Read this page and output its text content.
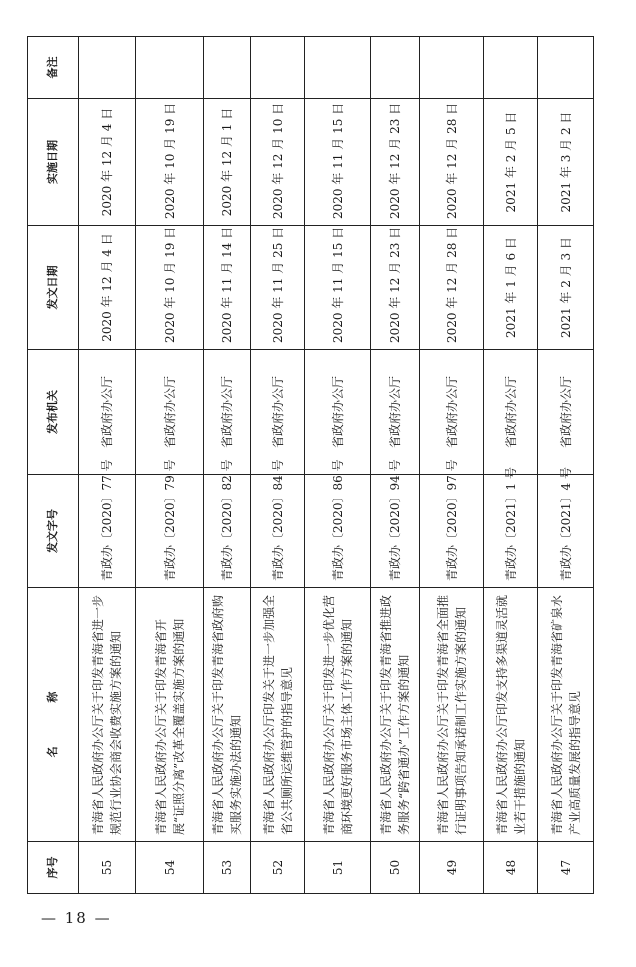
序号	名 称	发文字号	发布机关	发文日期	实施日期	备注
55	青海省人民政府办公厅关于印发青海省进一步规范行业协会商会收费实施方案的通知	青政办〔2020〕77 号	省政府办公厅	2020 年 12 月 4 日	2020 年 12 月 4 日	
54	青海省人民政府办公厅关于印发青海省开展“证照分离”改革全覆盖实施方案的通知	青政办〔2020〕79 号	省政府办公厅	2020 年 10 月 19 日	2020 年 10 月 19 日	
53	青海省人民政府办公厅关于印发青海省政府购买服务实施办法的通知	青政办〔2020〕82 号	省政府办公厅	2020 年 11 月 14 日	2020 年 12 月 1 日	
52	青海省人民政府办公厅印发关于进一步加强全省公共厕所运维管护的指导意见	青政办〔2020〕84 号	省政府办公厅	2020 年 11 月 25 日	2020 年 12 月 10 日	
51	青海省人民政府办公厅关于印发进一步优化营商环境更好服务市场主体工作方案的通知	青政办〔2020〕86 号	省政府办公厅	2020 年 11 月 15 日	2020 年 11 月 15 日	
50	青海省人民政府办公厅关于印发青海省推进政务服务“跨省通办”工作方案的通知	青政办〔2020〕94 号	省政府办公厅	2020 年 12 月 23 日	2020 年 12 月 23 日	
49	青海省人民政府办公厅关于印发青海省全面推行证明事项告知承诺制工作实施方案的通知	青政办〔2020〕97 号	省政府办公厅	2020 年 12 月 28 日	2020 年 12 月 28 日	
48	青海省人民政府办公厅印发支持多渠道灵活就业若干措施的通知	青政办〔2021〕1 号	省政府办公厅	2021 年 1 月 6 日	2021 年 2 月 5 日	
47	青海省人民政府办公厅关于印发青海省矿泉水产业高质量发展的指导意见	青政办〔2021〕4 号	省政府办公厅	2021 年 2 月 3 日	2021 年 3 月 2 日	
— 18 —
